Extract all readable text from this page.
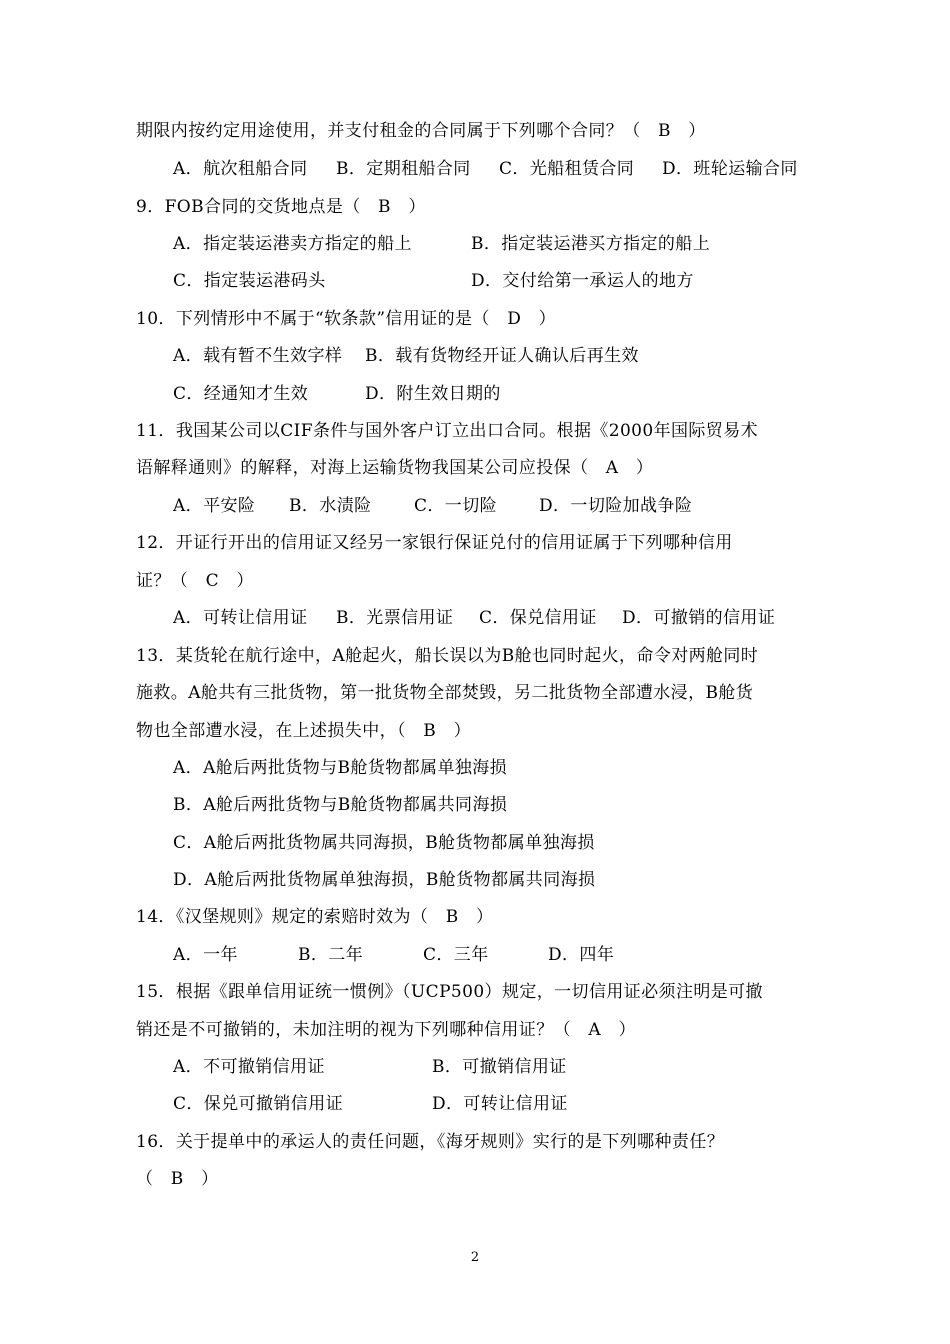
期限内按约定用途使用，并支付租金的合同属于下列哪个合同？（　B　）
A．航次租船合同 B．定期租船合同 C．光船租赁合同 D．班轮运输合同
9．FOB合同的交货地点是（　B　）
A．指定装运港卖方指定的船上	B．指定装运港买方指定的船上
C．指定装运港码头	D．交付给第一承运人的地方
10．下列情形中不属于“软条款”信用证的是（　D　）
A．载有暂不生效字样 B．载有货物经开证人确认后再生效
C．经通知才生效	D．附生效日期的
11．我国某公司以CIF条件与国外客户订立出口合同。根据《2000年国际贸易术
语解释通则》的解释，对海上运输货物我国某公司应投保（　A　）
A．平安险 B．水渍险	C．一切险 D．一切险加战争险
12．开证行开出的信用证又经另一家银行保证兑付的信用证属于下列哪种信用
证？（　C　）
A．可转让信用证 B．光票信用证 C．保兑信用证 D．可撤销的信用证
13．某货轮在航行途中，A舱起火，船长误以为B舱也同时起火，命令对两舱同时
施救。A舱共有三批货物，第一批货物全部焚毁，另二批货物全部遭水浸，B舱货
物也全部遭水浸，在上述损失中，（　B　）
A．A舱后两批货物与B舱货物都属单独海损
B．A舱后两批货物与B舱货物都属共同海损
C．A舱后两批货物属共同海损，B舱货物都属单独海损
D．A舱后两批货物属单独海损，B舱货物都属共同海损
14．《汉堡规则》规定的索赔时效为（　B　）
A．一年	B．二年	C．三年	D．四年
15．根据《跟单信用证统一惯例》（UCP500）规定，一切信用证必须注明是可撤
销还是不可撤销的，未加注明的视为下列哪种信用证？（　A　）
A．不可撤销信用证	B．可撤销信用证
C．保兑可撤销信用证	D．可转让信用证
16．关于提单中的承运人的责任问题，《海牙规则》实行的是下列哪种责任？
（　B　）
2
